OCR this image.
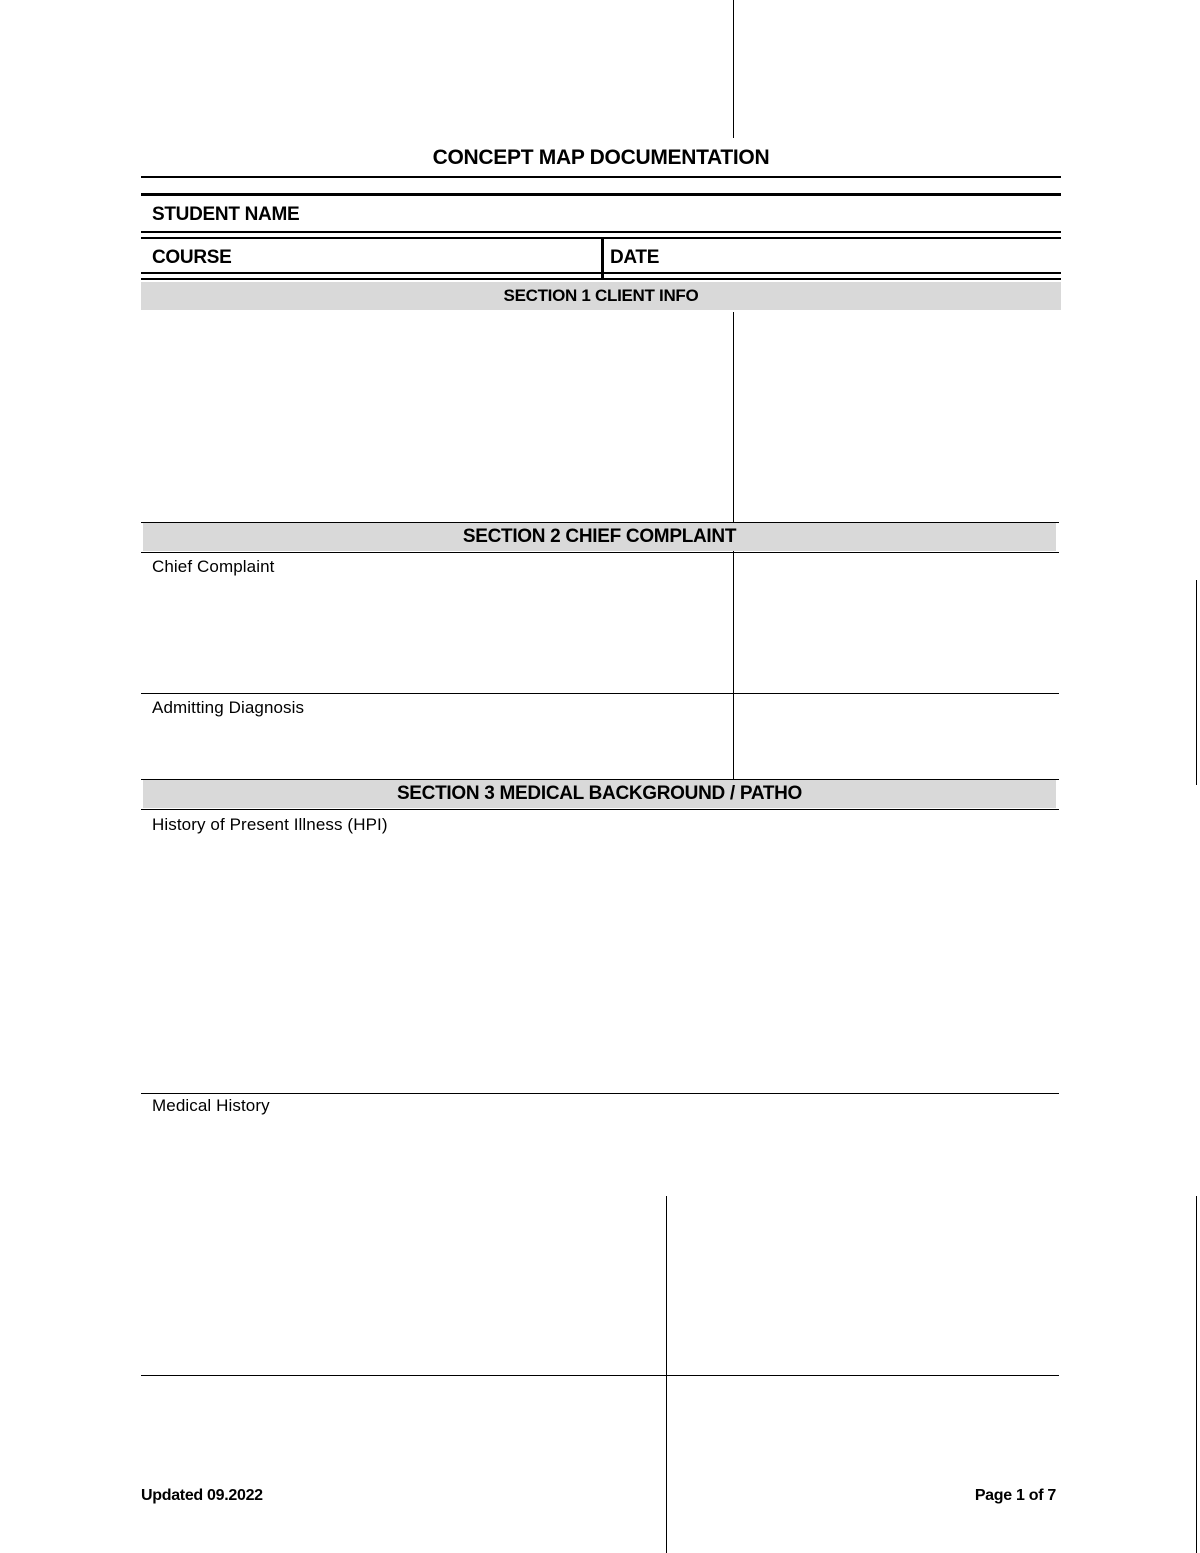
CONCEPT MAP DOCUMENTATION
STUDENT NAME
COURSE	DATE
SECTION 1 CLIENT INFO
SECTION 2 CHIEF COMPLAINT
Chief Complaint
Admitting Diagnosis
SECTION 3 MEDICAL BACKGROUND / PATHO
History of Present Illness (HPI)
Medical History
Updated 09.2022	Page 1 of 7
